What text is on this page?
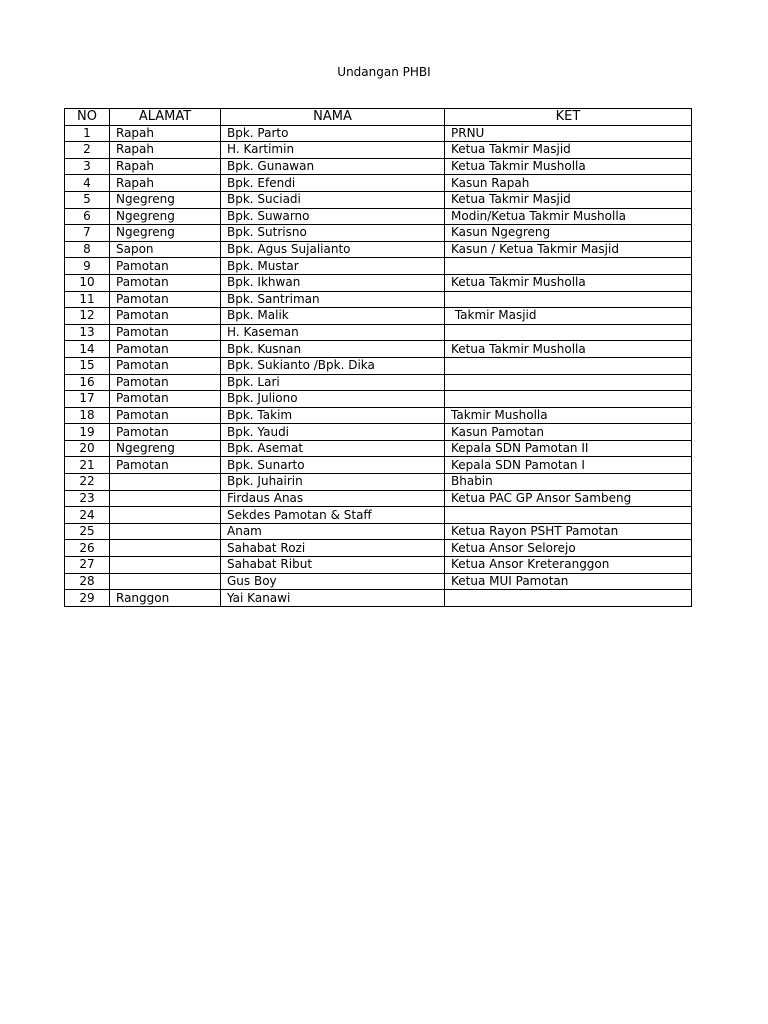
Undangan PHBI
NO	ALAMAT	NAMA	KET
1	Rapah	Bpk. Parto	PRNU
2	Rapah	H. Kartimin	Ketua Takmir Masjid
3	Rapah	Bpk. Gunawan	Ketua Takmir Musholla
4	Rapah	Bpk. Efendi	Kasun Rapah
5	Ngegreng	Bpk. Suciadi	Ketua Takmir Masjid
6	Ngegreng	Bpk. Suwarno	Modin/Ketua Takmir Musholla
7	Ngegreng	Bpk. Sutrisno	Kasun Ngegreng
8	Sapon	Bpk. Agus Sujalianto	Kasun / Ketua Takmir Masjid
9	Pamotan	Bpk. Mustar	
10	Pamotan	Bpk. Ikhwan	Ketua Takmir Musholla
11	Pamotan	Bpk. Santriman	
12	Pamotan	Bpk. Malik	Takmir Masjid
13	Pamotan	H. Kaseman	
14	Pamotan	Bpk. Kusnan	Ketua Takmir Musholla
15	Pamotan	Bpk. Sukianto /Bpk. Dika	
16	Pamotan	Bpk. Lari	
17	Pamotan	Bpk. Juliono	
18	Pamotan	Bpk. Takim	Takmir Musholla
19	Pamotan	Bpk. Yaudi	Kasun Pamotan
20	Ngegreng	Bpk. Asemat	Kepala SDN Pamotan II
21	Pamotan	Bpk. Sunarto	Kepala SDN Pamotan I
22		Bpk. Juhairin	Bhabin
23		Firdaus Anas	Ketua PAC GP Ansor Sambeng
24		Sekdes Pamotan & Staff	
25		Anam	Ketua Rayon PSHT Pamotan
26		Sahabat Rozi	Ketua Ansor Selorejo
27		Sahabat Ribut	Ketua Ansor Kreteranggon
28		Gus Boy	Ketua MUI Pamotan
29	Ranggon	Yai Kanawi	
